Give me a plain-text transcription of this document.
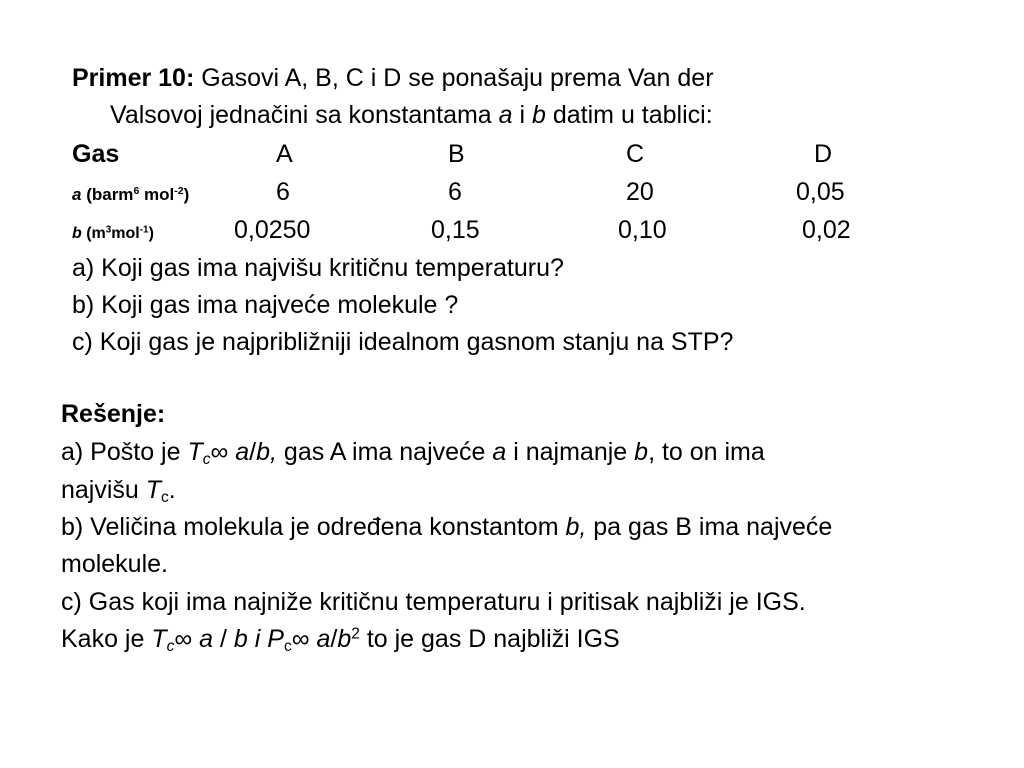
Primer 10: Gasovi A, B, C i D se ponašaju prema Van der
Valsovoj jednačini sa konstantama a i b datim u tablici:
Gas	A	B	C	D
a (barm$^6$ mol$^{-2}$)	6	6	20	0,05
b $(m^3mol^{-1})$	0,0250	0,15	0,10	0,02
a) Koji gas ima najvišu kritičnu temperaturu?
b) Koji gas ima najveće molekule ?
c) Koji gas je najpribližniji idealnom gasnom stanju na STP?
Rešenje:
a) Pošto je $T_c\infty$ a/b, gas A ima najveće a i najmanje b, to on ima
najvišu $T_c$.
b) Veličina molekula je određena konstantom b, pa gas B ima najveće
molekule.
c) Gas koji ima najniže kritičnu temperaturu i pritisak najbliži je IGS.
Kako je $T_c\infty$ a / b i $P_c\infty$ $a/b^2$ to je gas D najbliži IGS
